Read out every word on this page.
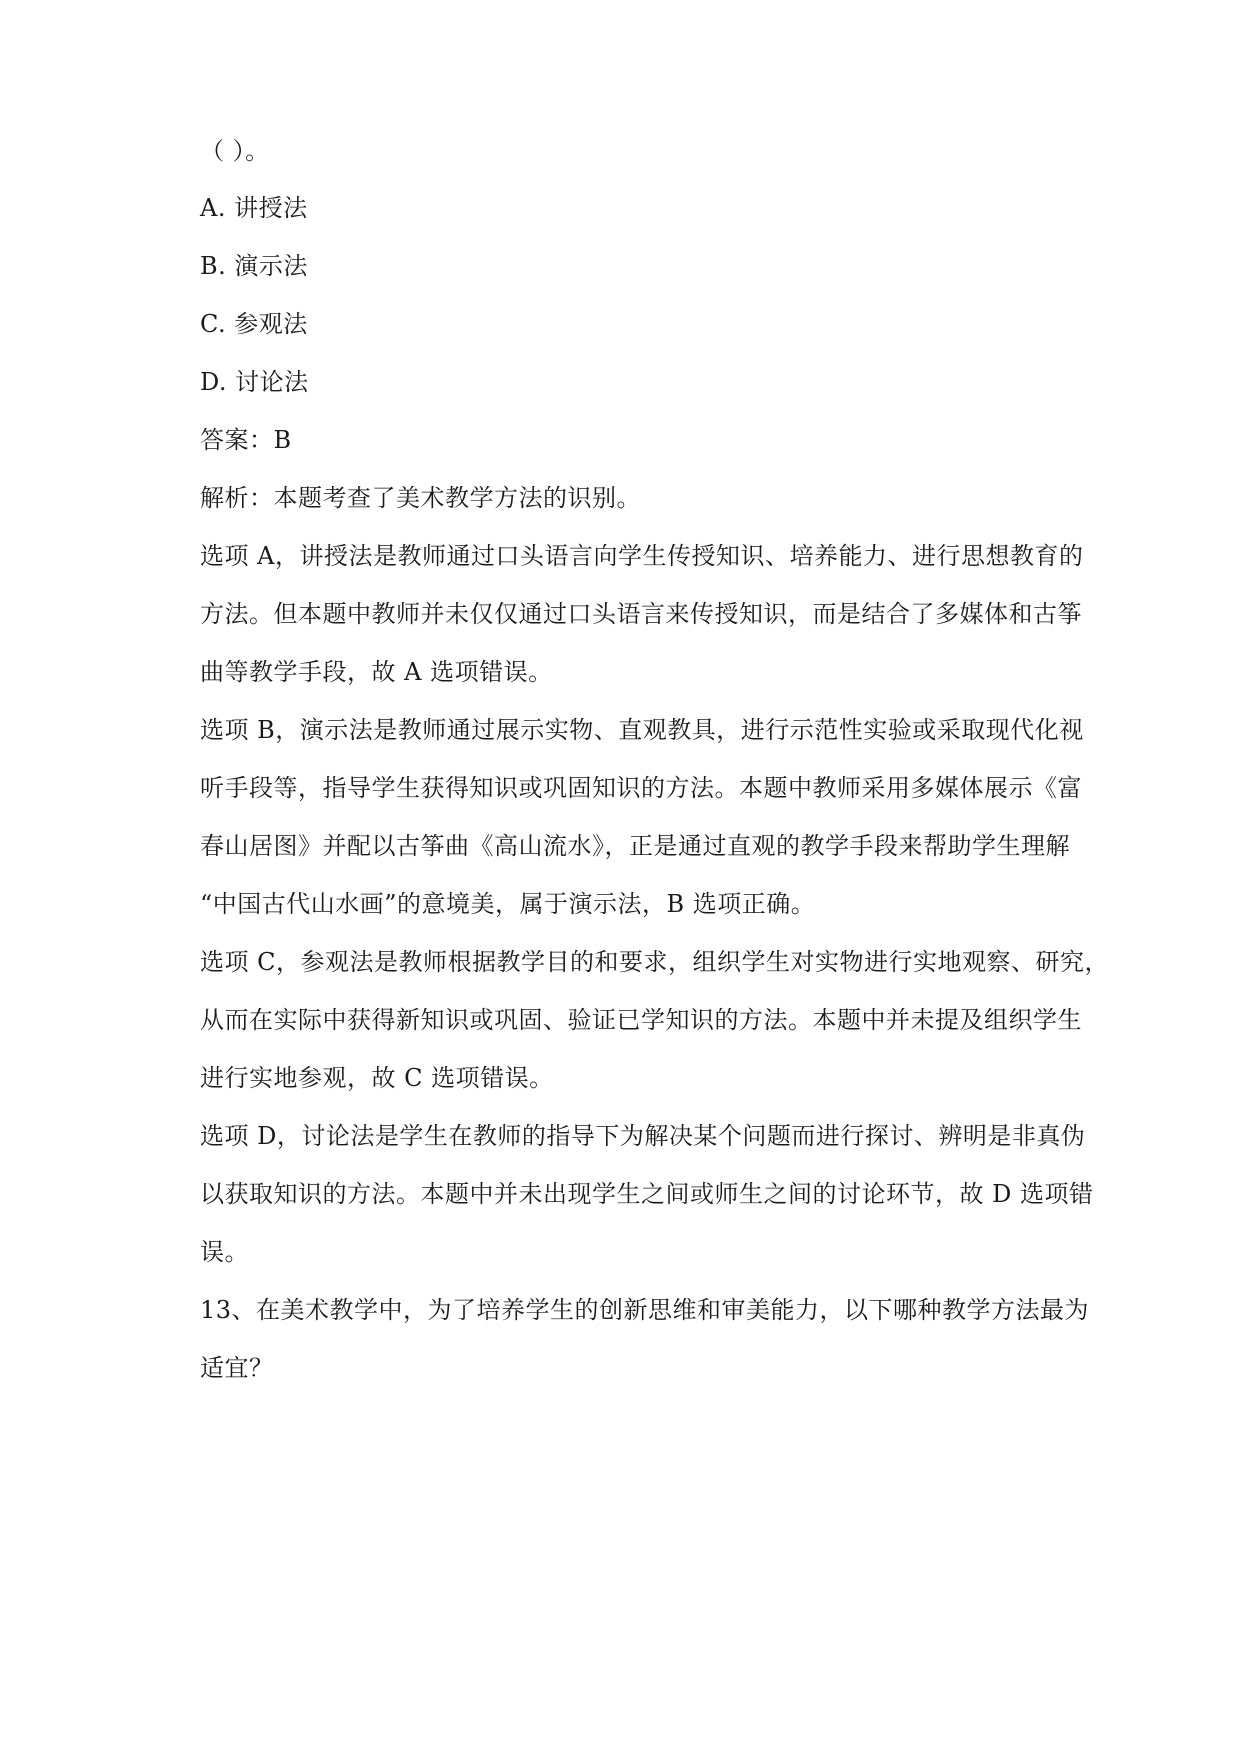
（ ）。
A. 讲授法
B. 演示法
C. 参观法
D. 讨论法
答案：B
解析：本题考查了美术教学方法的识别。
选项 A，讲授法是教师通过口头语言向学生传授知识、培养能力、进行思想教育的
方法。但本题中教师并未仅仅通过口头语言来传授知识，而是结合了多媒体和古筝
曲等教学手段，故 A 选项错误。
选项 B，演示法是教师通过展示实物、直观教具，进行示范性实验或采取现代化视
听手段等，指导学生获得知识或巩固知识的方法。本题中教师采用多媒体展示《富
春山居图》并配以古筝曲《高山流水》，正是通过直观的教学手段来帮助学生理解
“中国古代山水画”的意境美，属于演示法，B 选项正确。
选项 C，参观法是教师根据教学目的和要求，组织学生对实物进行实地观察、研究，
从而在实际中获得新知识或巩固、验证已学知识的方法。本题中并未提及组织学生
进行实地参观，故 C 选项错误。
选项 D，讨论法是学生在教师的指导下为解决某个问题而进行探讨、辨明是非真伪
以获取知识的方法。本题中并未出现学生之间或师生之间的讨论环节，故 D 选项错
误。
13、在美术教学中，为了培养学生的创新思维和审美能力，以下哪种教学方法最为
适宜？
